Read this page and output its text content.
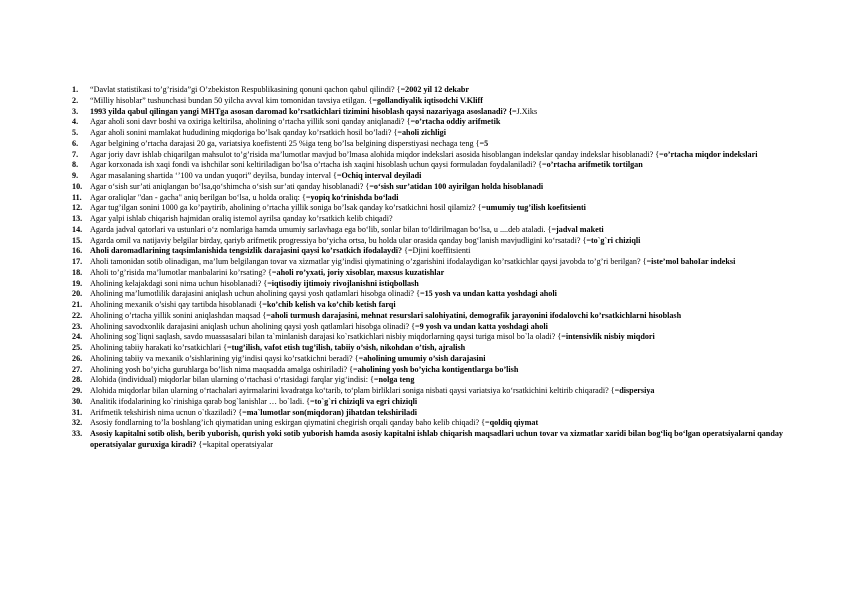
1.	“Davlat statistikasi to’g’risida”gi O’zbekiston Respublikasining qonuni qachon qabul qilindi? {=2002 yil 12 dekabr
2.	“Milliy hisoblar” tushunchasi bundan 50 yilcha avval kim tomonidan tavsiya etilgan. {=gollandiyalik iqtisodchi V.Kliff
3.	1993 yilda qabul qilingan yangi MHTga asosan daromad ko’rsatkichlari tizimini hisoblash qaysi nazariyaga asoslanadi? {=J.Xiks
4.	Agar aholi soni davr boshi va oxiriga keltirilsa, aholining o’rtacha yillik soni qanday aniqlanadi? {=o’rtacha oddiy arifmetik
5.	Agar aholi sonini mamlakat hududining miqdoriga bo’lsak qanday ko’rsatkich hosil bo’ladi? {=aholi zichligi
6.	Agar belgining o’rtacha darajasi 20 ga, variatsiya koefistenti 25 %iga teng bo’lsa belgining disperstiyasi nechaga teng {=5
7.	Agar joriy davr ishlab chiqarilgan mahsulot to’g’risida ma’lumotlar mavjud bo’lmasa alohida miqdor indekslari asosida hisoblangan indekslar qanday indekslar hisoblanadi? {=o’rtacha miqdor indekslari
8.	Agar korxonada ish xaqi fondi va ishchilar soni keltiriladigan bo’lsa o’rtacha ish xaqini hisoblash uchun qaysi formuladan foydalaniladi? {=o’rtacha arifmetik tortilgan
9.	Agar masalaning shartida ‘’100 va undan yuqori” deyilsa, bunday interval {=Ochiq interval deyiladi
10. Agar o‘sish sur’ati aniqlangan bo‘lsa,qo‘shimcha o‘sish sur’ati qanday hisoblanadi? {=o‘sish sur’atidan 100 ayirilgan holda hisoblanadi
11.	Agar oraliqlar "dan - gacha" aniq berilgan bo‘lsa, u holda oraliq: {=yopiq ko‘rinishda bo‘ladi
12. Agar tug’ilgan sonini 1000 ga ko’paytirib, aholining o’rtacha yillik soniga bo’lsak qanday ko’rsatkichni hosil qilamiz? {=umumiy tug’ilish koefitsienti
13. Agar yalpi ishlab chiqarish hajmidan oraliq istemol ayrilsa qanday ko’rsatkich kelib chiqadi?
14. Agarda jadval qatorlari va ustunlari o‘z nomlariga hamda umumiy sarlavhaga ega bo‘lib, sonlar bilan to‘ldirilmagan bo‘lsa, u ....deb ataladi. {=jadval maketi
15. Agarda omil va natijaviy belgilar birday, qariyb arifmetik progressiya bo‘yicha ortsa, bu holda ular orasida qanday bog‘lanish mavjudligini ko‘rsatadi? {=to`g`ri chiziqli
16. Aholi daromadlarining taqsimlanishida tengsizlik darajasini qaysi ko’rsatkich ifodalaydi? {=Djini koeffitsienti
17. Aholi tamonidan sotib olinadigan, ma’lum belgilangan tovar va xizmatlar yig’indisi qiymatining o’zgarishini ifodalaydigan ko’rsatkichlar qaysi javobda to’g’ri berilgan? {=iste’mol bahoIar indeksi
18. Aholi to’g’risida ma’lumotlar manbalarini ko’rsating? {=aholi ro’yxati, joriy xisoblar, maxsus kuzatishlar
19. Aholining kelajakdagi soni nima uchun hisoblanadi? {=iqtisodiy ijtimoiy rivojlanishni istiqbollash
20. Aholining ma’lumotlilik darajasini aniqlash uchun aholining qaysi yosh qatlamlari hisobga olinadi? {=15 yosh va undan katta yoshdagi aholi
21. Aholining mexanik o’sishi qay tartibda hisoblanadi {=ko’chib kelish va ko’chib ketish farqi
22. Aholining o’rtacha yillik sonini aniqlashdan maqsad {=aholi turmush darajasini, mehnat resurslari salohiyatini, demografik jarayonini ifodalovchi ko’rsatkichlarni hisoblash
23. Aholining savodxonlik darajasini aniqlash uchun aholining qaysi yosh qatlamlari hisobga olinadi? {=9 yosh va undan katta yoshdagi aholi
24. Aholining sog`liqni saqlash, savdo muassasalari bilan ta`minlanish darajasi ko`rsatkichlari nisbiy miqdorlarning qaysi turiga misol bo`la oladi? {=intensivlik nisbiy miqdori
25. Aholining tabiiy harakati ko’rsatkichlari {=tug’ilish, vafot etish tug’ilish, tabiiy o’sish, nikohdan o’tish, ajralish
26. Aholining tabiiy va mexanik o’sishlarining yig’indisi qaysi ko’rsatkichni beradi? {=aholining umumiy o’sish darajasini
27. Aholining yosh bo’yicha guruhlarga bo’lish nima maqsadda amalga oshiriladi? {=aholining yosh bo’yicha kontigentlarga bo’lish
28. Alohida (individual) miqdorlar bilan ularning o‘rtachasi o‘rtasidagi farqlar yig‘indisi: {=nolga teng
29. Alohida miqdorlar bilan ularning o‘rtachalari ayirmalarini kvadratga ko‘tarib, to‘plam birliklari soniga nisbati qaysi variatsiya ko‘rsatkichini keltirib chiqaradi? {=dispersiya
30. Analitik ifodalarining ko`rinishiga qarab bog`lanishlar … bo`ladi. {=to`g`ri chiziqli va egri chiziqli
31. Arifmetik tekshirish nima ucnun o`tkaziladi? {=ma`lumotlar son(miqdoran) jihatdan tekshiriladi
32. Asosiy fondlarning to’la boshlang’ich qiymatidan uning eskirgan qiymatini chegirish orqali qanday baho kelib chiqadi? {=qoldiq qiymat
33. Asosiy kapitalni sotib olish, berib yuborish, qurish yoki sotib yuborish hamda asosiy kapitalni ishlab chiqarish maqsadlari uchun tovar va xizmatlar xaridi bilan bog‘liq bo‘lgan operatsiyalarni qanday operatsiyalar guruxiga kiradi? {=kapital operatsiyalar
